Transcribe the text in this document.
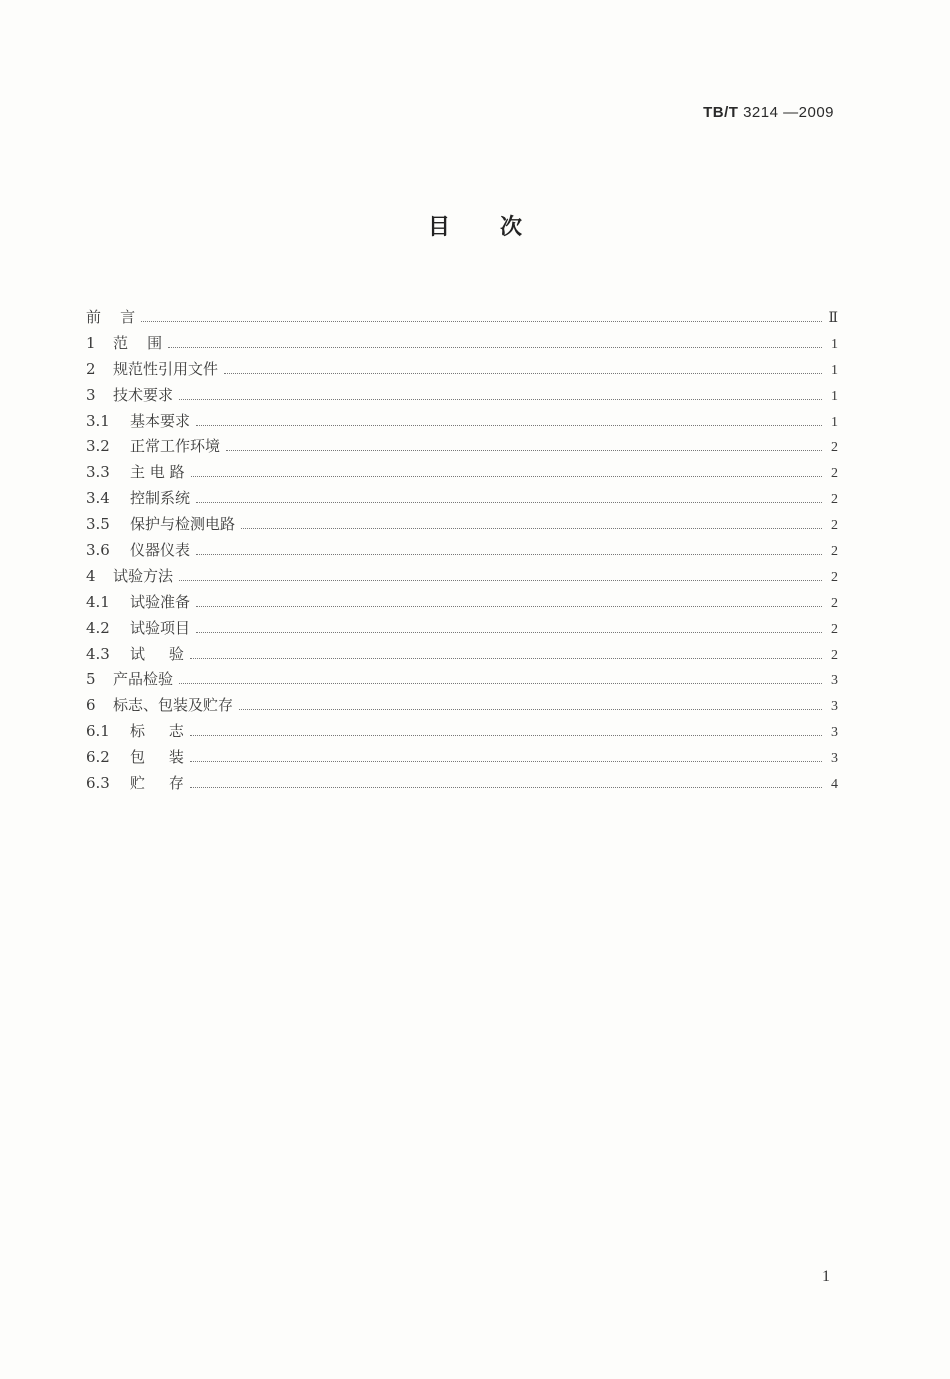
TB/T 3214 —2009
目次
前    言	Ⅱ
1 范    围	1
2 规范性引用文件	1
3 技术要求	1
3.1 基本要求	1
3.2 正常工作环境	2
3.3 主 电 路	2
3.4 控制系统	2
3.5 保护与检测电路	2
3.6 仪器仪表	2
4 试验方法	2
4.1 试验准备	2
4.2 试验项目	2
4.3 试     验	2
5 产品检验	3
6 标志、包装及贮存	3
6.1 标     志	3
6.2 包     装	3
6.3 贮     存	4
1
